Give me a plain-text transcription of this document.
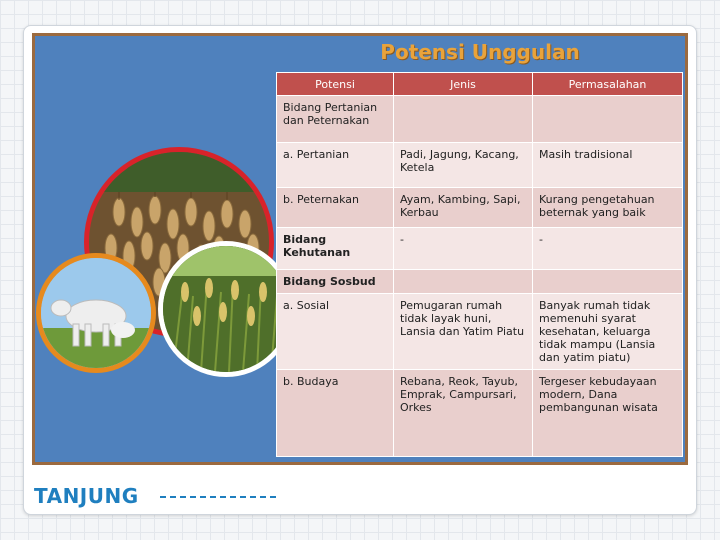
Potensi Unggulan
Potensi	Jenis	Permasalahan
Bidang Pertanian dan Peternakan		
a. Pertanian	Padi, Jagung, Kacang, Ketela	Masih tradisional
b. Peternakan	Ayam, Kambing, Sapi, Kerbau	Kurang pengetahuan beternak yang baik
Bidang Kehutanan	-	-
Bidang Sosbud		
a. Sosial	Pemugaran rumah tidak layak huni, Lansia dan Yatim Piatu	Banyak rumah tidak memenuhi syarat kesehatan, keluarga tidak mampu (Lansia dan yatim piatu)
b. Budaya	Rebana, Reok, Tayub, Emprak, Campursari, Orkes	Tergeser kebudayaan modern, Dana pembangunan wisata
TANJUNG
